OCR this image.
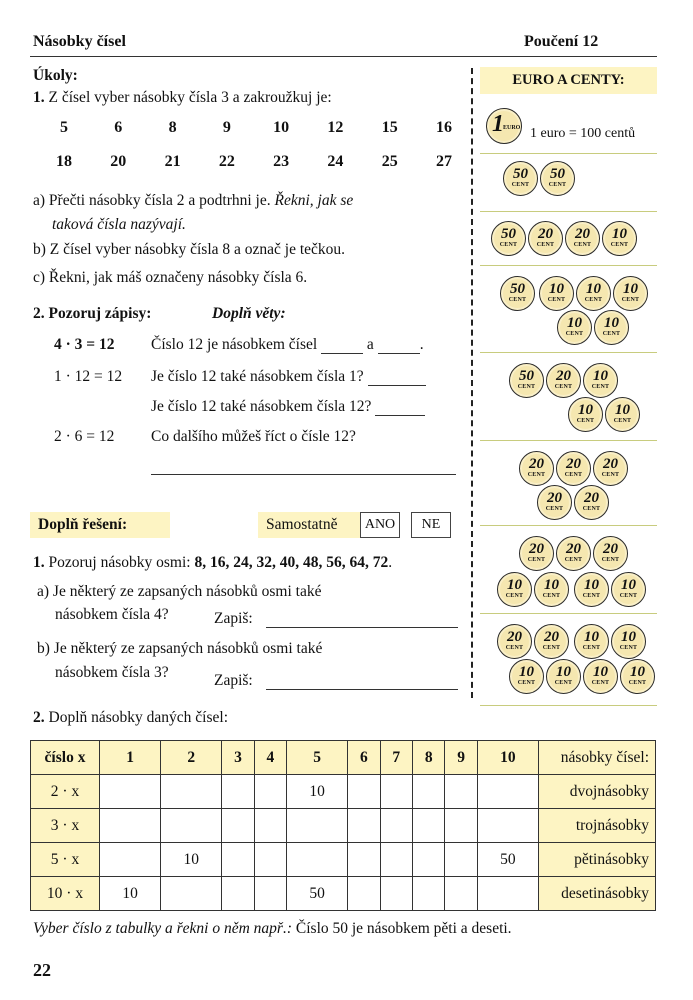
Násobky čísel	Poučení 12
Úkoly:
1. Z čísel vyber násobky čísla 3 a zakroužkuj je:
5	6	8	9	10	12	15	16
18	20	21	22	23	24	25	27
a) Přečti násobky čísla 2 a podtrhni je. Řekni, jak se
taková čísla nazývají.
b) Z čísel vyber násobky čísla 8 a označ je tečkou.
c) Řekni, jak máš označeny násobky čísla 6.
2. Pozoruj zápisy:	Doplň věty:
4 · 3 = 12 Číslo 12 je násobkem čísel	a	.
1 · 12 = 12 Je číslo 12 také násobkem čísla 1?
Je číslo 12 také násobkem čísla 12?
2 · 6 = 12 Co dalšího můžeš říct o čísle 12?
Doplň řešení:	Samostatně	ANO	NE
1. Pozoruj násobky osmi: 8, 16, 24, 32, 40, 48, 56, 64, 72.
a) Je některý ze zapsaných násobků osmi také
násobkem čísla 4?	Zapiš:
b) Je některý ze zapsaných násobků osmi také
násobkem čísla 3?	Zapiš:
2. Doplň násobky daných čísel:
EURO A CENTY:
1 EURO 1 euro = 100 centů
50
CENT
50
CENT
50
CENT
20
CENT
20
CENT
10
CENT
50
CENT
10
CENT
10
CENT
10
CENT
10
CENT
10
CENT
50
CENT
20
CENT
10
CENT
10
CENT
10
CENT
20
CENT
20
CENT
20
CENT
20
CENT
20
CENT
20
CENT
20
CENT
20
CENT
10
CENT
10
CENT
10
CENT
10
CENT
20
CENT
20
CENT
10
CENT
10
CENT
10
CENT
10
CENT
10
CENT
10
CENT
číslo x	1	2	3	4	5	6	7	8	9	10	násobky čísel:
2 · x					10						dvojnásobky
3 · x											trojnásobky
5 · x		10								50	pětinásobky
10 · x	10				50						desetinásobky
Vyber číslo z tabulky a řekni o něm např.: Číslo 50 je násobkem pěti a deseti.
22
